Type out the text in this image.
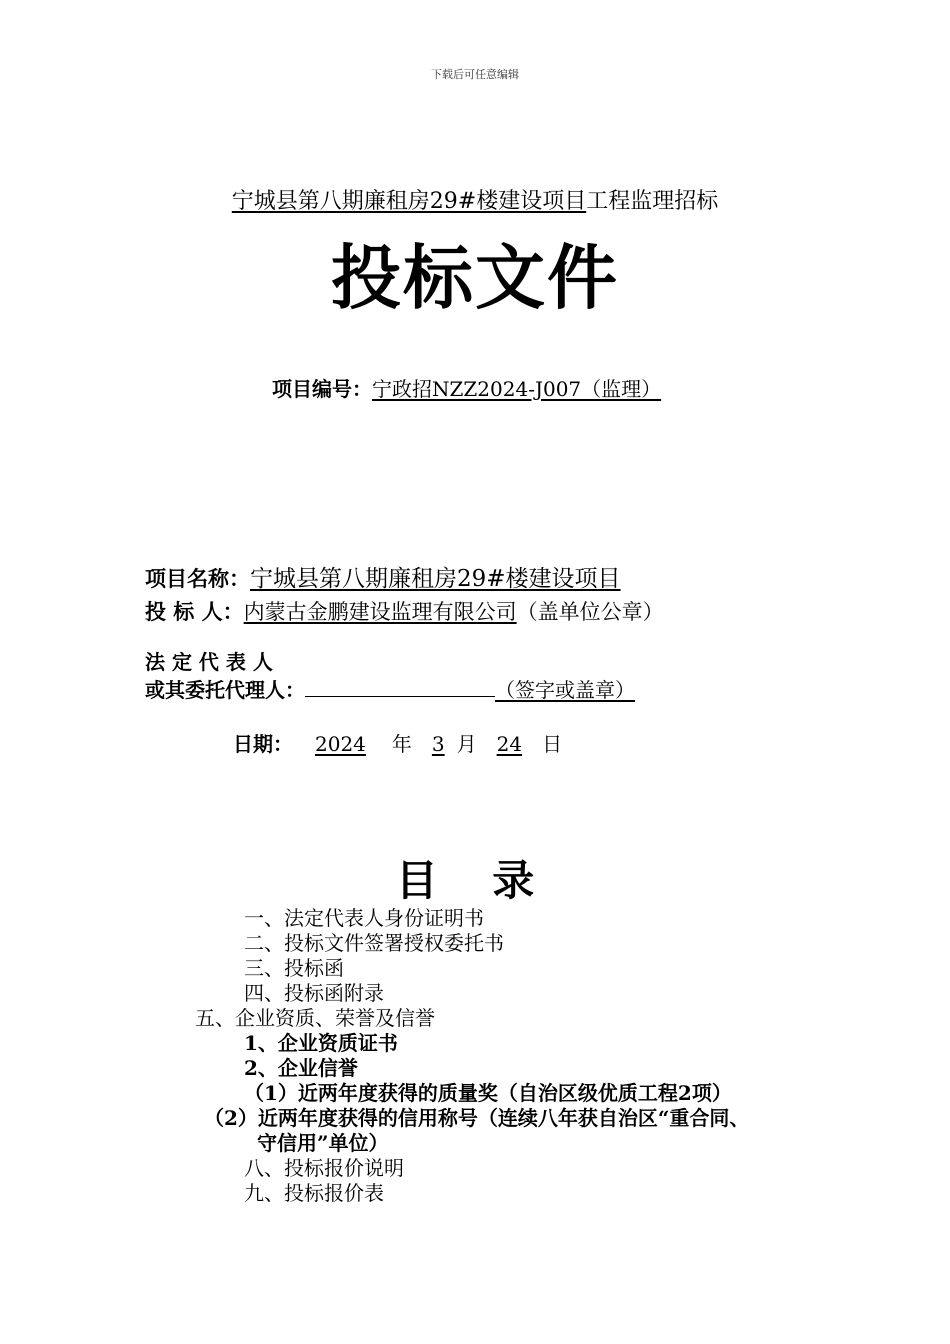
下载后可任意编辑
宁城县第八期廉租房29#楼建设项目工程监理招标
投标文件
项目编号：宁政招NZZ2024-J007（监理）
项目名称：宁城县第八期廉租房29#楼建设项目
投 标 人：内蒙古金鹏建设监理有限公司（盖单位公章）
法 定 代 表 人
或其委托代理人：	（签字或盖章）
日期： 2024 年 3 月 24 日
目 录
一、法定代表人身份证明书
二、投标文件签署授权委托书
三、投标函
四、投标函附录
五、企业资质、荣誉及信誉
1、企业资质证书
2、企业信誉
（1）近两年度获得的质量奖（自治区级优质工程2项）
（2）近两年度获得的信用称号（连续八年获自治区“重合同、
守信用”单位）
八、投标报价说明
九、投标报价表
